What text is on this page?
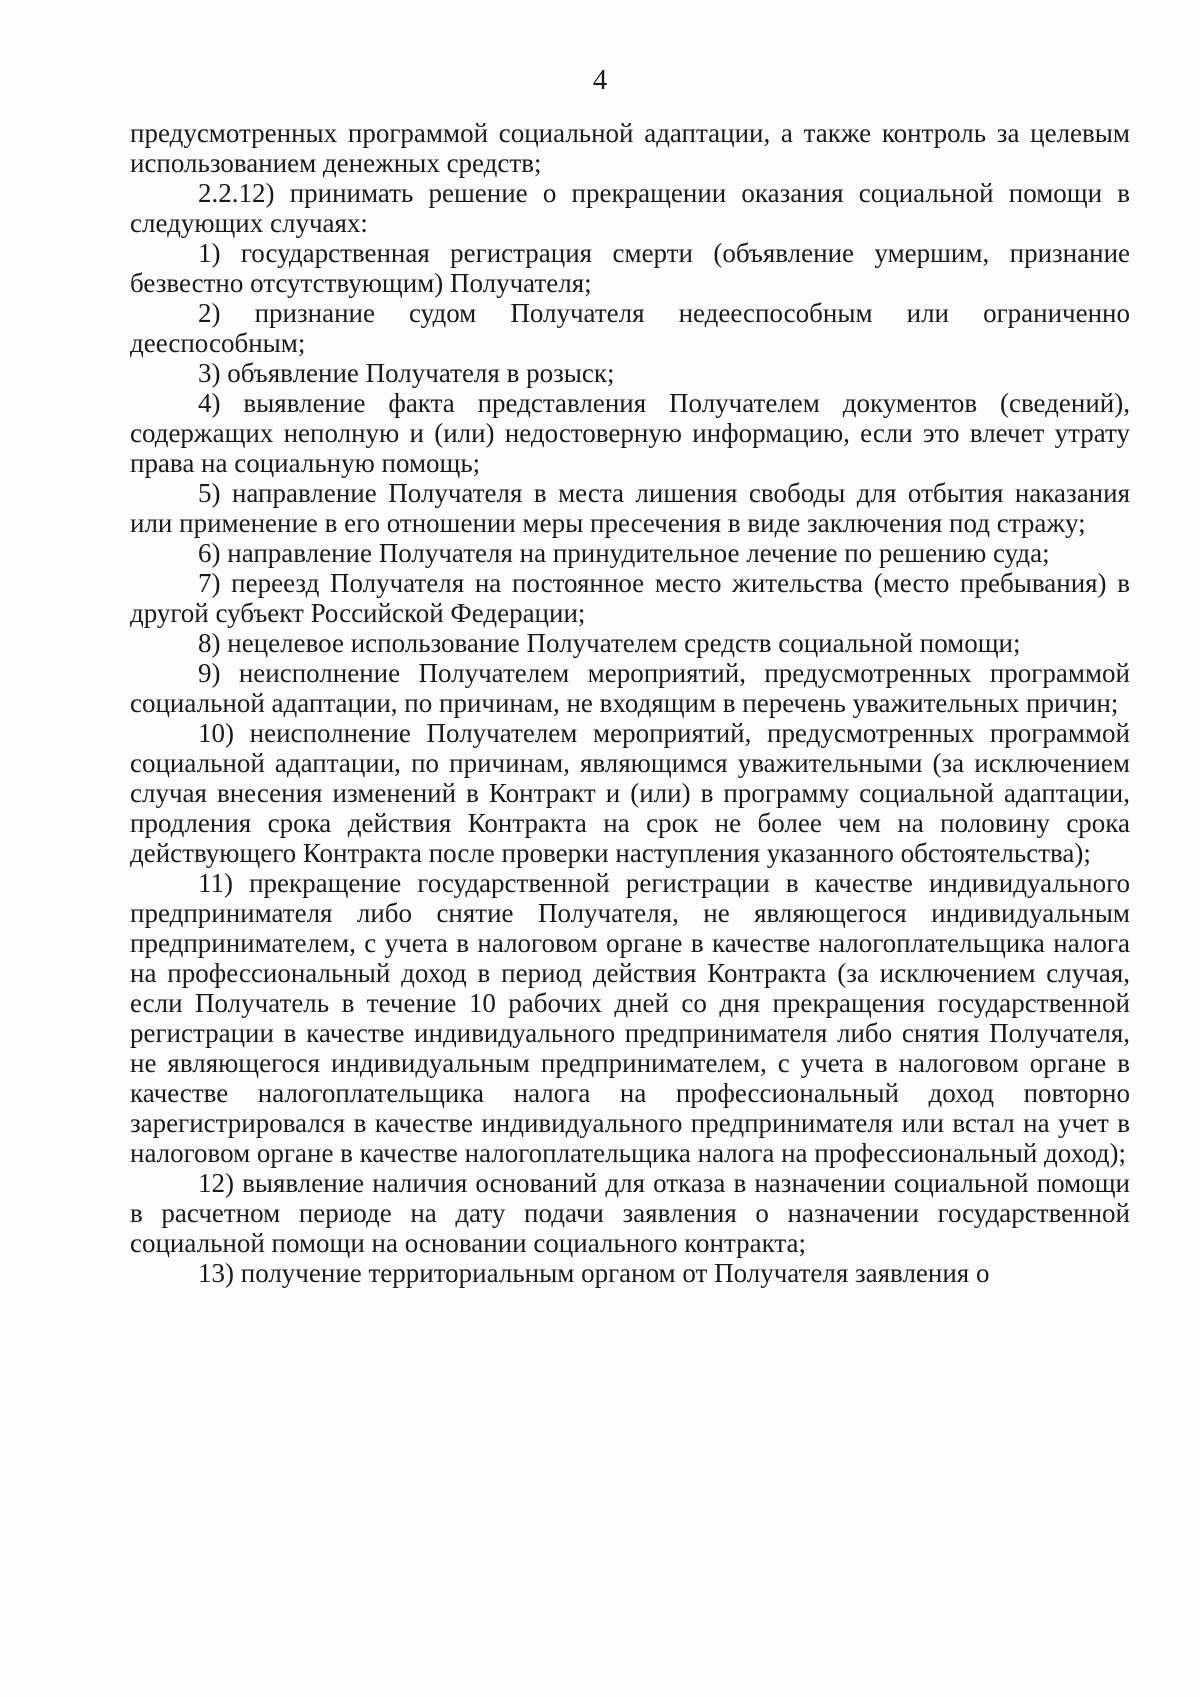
4

предусмотренных программой социальной адаптации, а также контроль за целевым использованием денежных средств;

2.2.12) принимать решение о прекращении оказания социальной помощи в следующих случаях:

1) государственная регистрация смерти (объявление умершим, признание безвестно отсутствующим) Получателя;

2) признание судом Получателя недееспособным или ограниченно дееспособным;

3) объявление Получателя в розыск;

4) выявление факта представления Получателем документов (сведений), содержащих неполную и (или) недостоверную информацию, если это влечет утрату права на социальную помощь;

5) направление Получателя в места лишения свободы для отбытия наказания или применение в его отношении меры пресечения в виде заключения под стражу;

6) направление Получателя на принудительное лечение по решению суда;

7) переезд Получателя на постоянное место жительства (место пребывания) в другой субъект Российской Федерации;

8) нецелевое использование Получателем средств социальной помощи;

9) неисполнение Получателем мероприятий, предусмотренных программой социальной адаптации, по причинам, не входящим в перечень уважительных причин;

10) неисполнение Получателем мероприятий, предусмотренных программой социальной адаптации, по причинам, являющимся уважительными (за исключением случая внесения изменений в Контракт и (или) в программу социальной адаптации, продления срока действия Контракта на срок не более чем на половину срока действующего Контракта после проверки наступления указанного обстоятельства);

11) прекращение государственной регистрации в качестве индивидуального предпринимателя либо снятие Получателя, не являющегося индивидуальным предпринимателем, с учета в налоговом органе в качестве налогоплательщика налога на профессиональный доход в период действия Контракта (за исключением случая, если Получатель в течение 10 рабочих дней со дня прекращения государственной регистрации в качестве индивидуального предпринимателя либо снятия Получателя, не являющегося индивидуальным предпринимателем, с учета в налоговом органе в качестве налогоплательщика налога на профессиональный доход повторно зарегистрировался в качестве индивидуального предпринимателя или встал на учет в налоговом органе в качестве налогоплательщика налога на профессиональный доход);

12) выявление наличия оснований для отказа в назначении социальной помощи в расчетном периоде на дату подачи заявления о назначении государственной социальной помощи на основании социального контракта;

13) получение территориальным органом от Получателя заявления о
